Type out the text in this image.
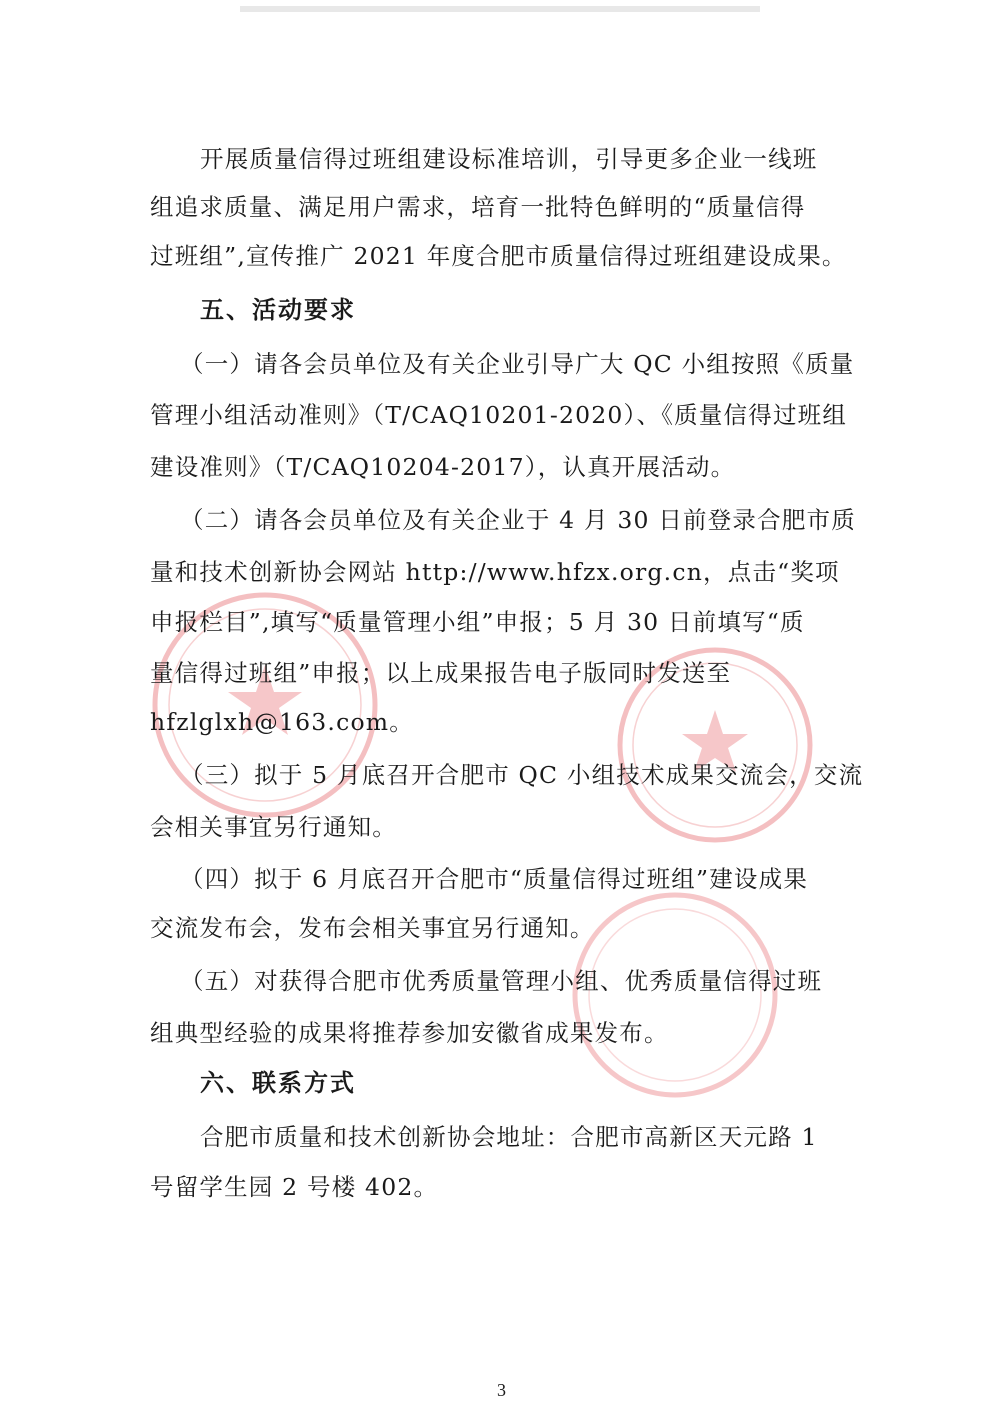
开展质量信得过班组建设标准培训，引导更多企业一线班
组追求质量、满足用户需求，培育一批特色鲜明的“质量信得
过班组”,宣传推广 2021 年度合肥市质量信得过班组建设成果。
五、活动要求
（一）请各会员单位及有关企业引导广大 QC 小组按照《质量
管理小组活动准则》（T/CAQ10201-2020）、《质量信得过班组
建设准则》（T/CAQ10204-2017），认真开展活动。
（二）请各会员单位及有关企业于 4 月 30 日前登录合肥市质
量和技术创新协会网站 http://www.hfzx.org.cn，点击“奖项
申报栏目”,填写“质量管理小组”申报；5 月 30 日前填写“质
量信得过班组”申报；以上成果报告电子版同时发送至
hfzlglxh@163.com。
（三）拟于 5 月底召开合肥市 QC 小组技术成果交流会，交流
会相关事宜另行通知。
（四）拟于 6 月底召开合肥市“质量信得过班组”建设成果
交流发布会，发布会相关事宜另行通知。
（五）对获得合肥市优秀质量管理小组、优秀质量信得过班
组典型经验的成果将推荐参加安徽省成果发布。
六、联系方式
合肥市质量和技术创新协会地址：合肥市高新区天元路 1
号留学生园 2 号楼 402。
3
